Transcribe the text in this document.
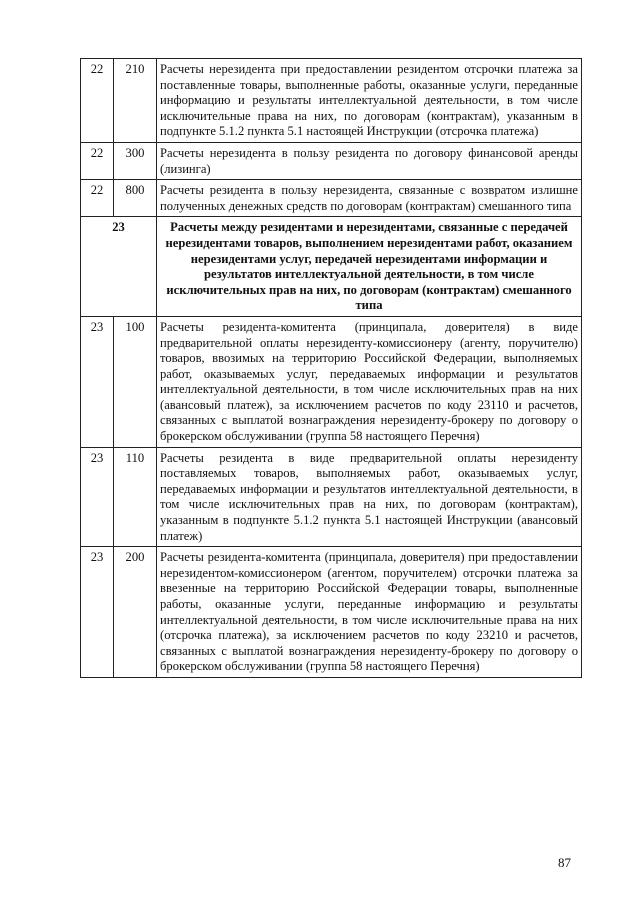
22	210	Расчеты нерезидента при предоставлении резидентом отсрочки платежа за поставленные товары, выполненные работы, оказанные услуги, переданные информацию и результаты интеллектуальной деятельности, в том числе исключительные права на них, по договорам (контрактам), указанным в подпункте 5.1.2 пункта 5.1 настоящей Инструкции (отсрочка платежа)
22	300	Расчеты нерезидента в пользу резидента по договору финансовой аренды (лизинга)
22	800	Расчеты резидента в пользу нерезидента, связанные с возвратом излишне полученных денежных средств по договорам (контрактам) смешанного типа
23		Расчеты между резидентами и нерезидентами, связанные с передачей нерезидентами товаров, выполнением нерезидентами работ, оказанием нерезидентами услуг, передачей нерезидентами информации и результатов интеллектуальной деятельности, в том числе исключительных прав на них, по договорам (контрактам) смешанного типа
23	100	Расчеты резидента-комитента (принципала, доверителя) в виде предварительной оплаты нерезиденту-комиссионеру (агенту, поручителю) товаров, ввозимых на территорию Российской Федерации, выполняемых работ, оказываемых услуг, передаваемых информации и результатов интеллектуальной деятельности, в том числе исключительных прав на них (авансовый платеж), за исключением расчетов по коду 23110 и расчетов, связанных с выплатой вознаграждения нерезиденту-брокеру по договору о брокерском обслуживании (группа 58 настоящего Перечня)
23	110	Расчеты резидента в виде предварительной оплаты нерезиденту поставляемых товаров, выполняемых работ, оказываемых услуг, передаваемых информации и результатов интеллектуальной деятельности, в том числе исключительных прав на них, по договорам (контрактам), указанным в подпункте 5.1.2 пункта 5.1 настоящей Инструкции (авансовый платеж)
23	200	Расчеты резидента-комитента (принципала, доверителя) при предоставлении нерезидентом-комиссионером (агентом, поручителем) отсрочки платежа за ввезенные на территорию Российской Федерации товары, выполненные работы, оказанные услуги, переданные информацию и результаты интеллектуальной деятельности, в том числе исключительные права на них (отсрочка платежа), за исключением расчетов по коду 23210 и расчетов, связанных с выплатой вознаграждения нерезиденту-брокеру по договору о брокерском обслуживании (группа 58 настоящего Перечня)
87
